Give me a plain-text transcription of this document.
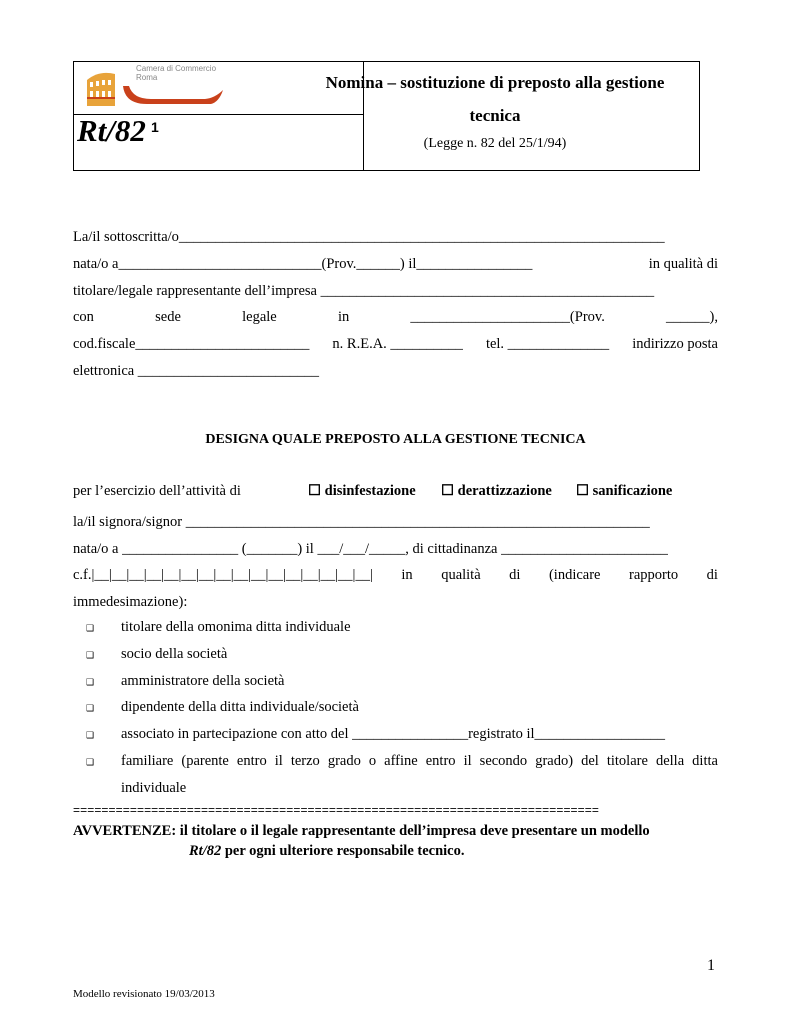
Rt/82 1
Camera di Commercio
Roma	Nomina – sostituzione di preposto alla gestione
tecnica
(Legge n. 82 del 25/1/94)
La/il sottoscritta/o___________________________________________________________________
nata/o a____________________________(Prov.______) il________________	in qualità di
titolare/legale rappresentante dell’impresa ______________________________________________
con	sede	legale	in	______________________(Prov.	______),
cod.fiscale________________________ n. R.E.A. __________ tel. ______________ indirizzo posta
elettronica _________________________
DESIGNA QUALE PREPOSTO ALLA GESTIONE TECNICA
per l’esercizio dell’attività di	☐ disinfestazione ☐ derattizzazione ☐ sanificazione
la/il signora/signor ________________________________________________________________
nata/o a ________________ (_______) il ___/___/_____, di cittadinanza _______________________
c.f.|__|__|__|__|__|__|__|__|__|__|__|__|__|__|__|__| in qualità di (indicare rapporto di
immedesimazione):
❑ titolare della omonima ditta individuale
❑ socio della società
❑ amministratore della società
❑ dipendente della ditta individuale/società
❑ associato in partecipazione con atto del ________________registrato il__________________
❑ familiare (parente entro il terzo grado o affine entro il secondo grado) del titolare della ditta
individuale
==========================================================================
AVVERTENZE: il titolare o il legale rappresentante dell’impresa deve presentare un modello
Rt/82 per ogni ulteriore responsabile tecnico.
1
Modello revisionato 19/03/2013
